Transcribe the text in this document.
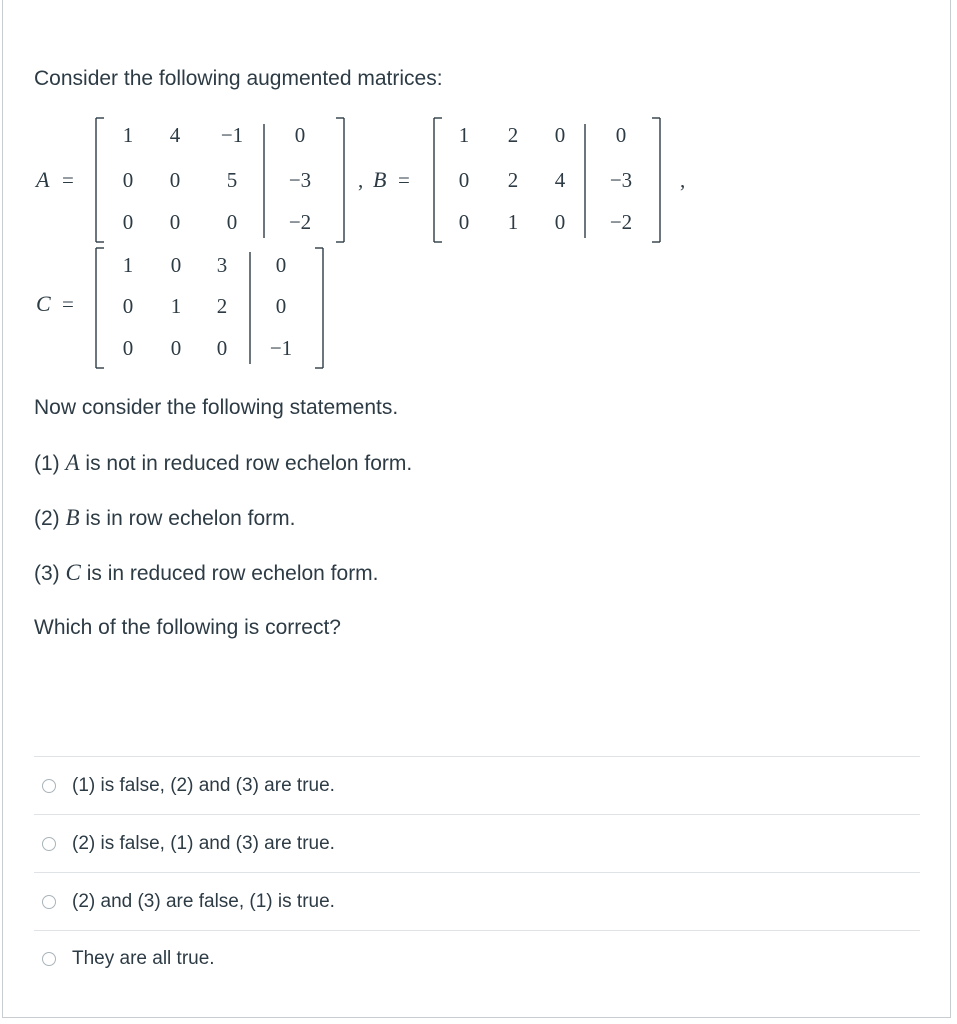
Consider the following augmented matrices:
A =
1 4 −1 0
0 0 5 −3
0 0 0 −2
, B =
1 2 0 0
0 2 4 −3
0 1 0 −2
,
C =
1 0 3 0
0 1 2 0
0 0 0 −1
Now consider the following statements.
(1) A is not in reduced row echelon form.
(2) B is in row echelon form.
(3) C is in reduced row echelon form.
Which of the following is correct?
(1) is false, (2) and (3) are true.
(2) is false, (1) and (3) are true.
(2) and (3) are false, (1) is true.
They are all true.
